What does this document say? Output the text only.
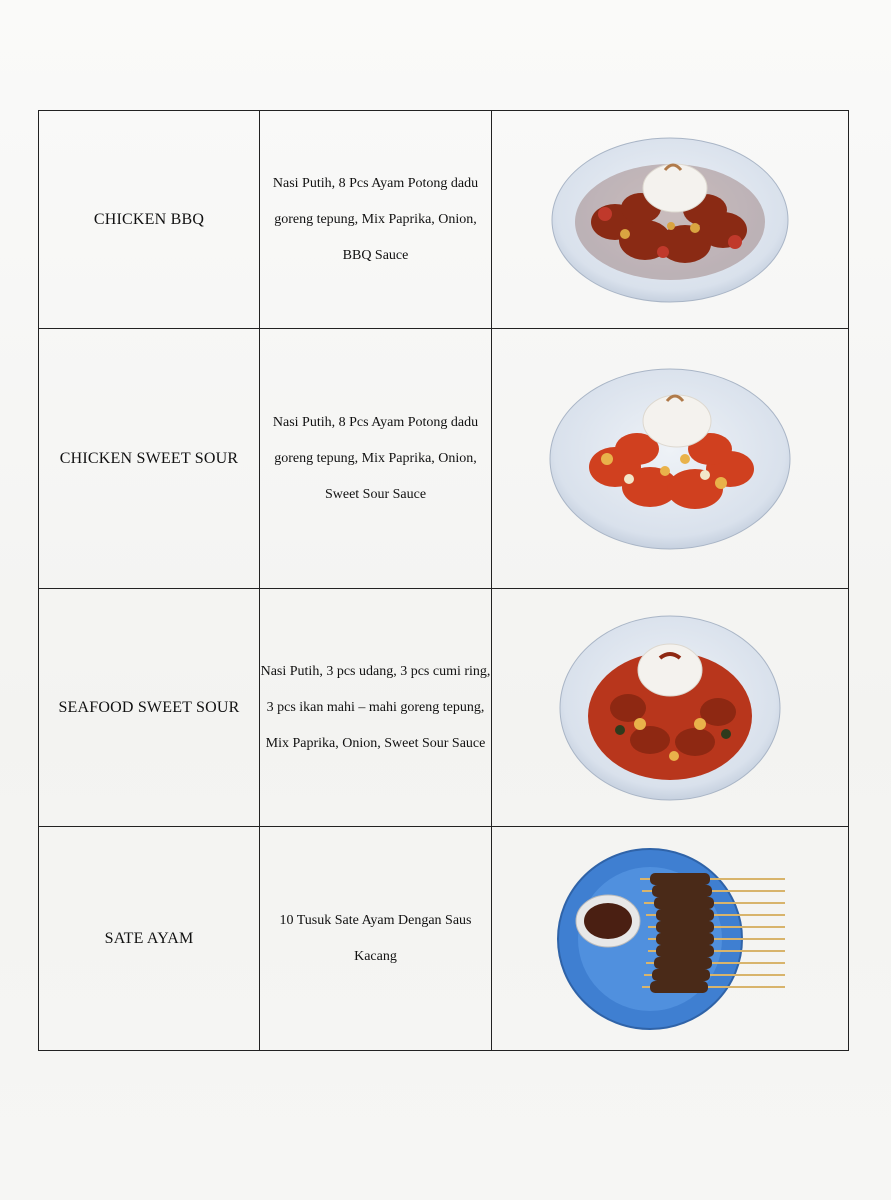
CHICKEN BBQ	Nasi Putih, 8 Pcs Ayam Potong dadu goreng tepung, Mix Paprika, Onion, BBQ Sauce	

CHICKEN SWEET SOUR	Nasi Putih, 8 Pcs Ayam Potong dadu goreng tepung, Mix Paprika, Onion, Sweet Sour Sauce	

SEAFOOD SWEET SOUR	Nasi Putih, 3 pcs udang, 3 pcs cumi ring, 3 pcs ikan mahi – mahi goreng tepung, Mix Paprika, Onion, Sweet Sour Sauce	

SATE AYAM	10 Tusuk Sate Ayam Dengan Saus Kacang	
